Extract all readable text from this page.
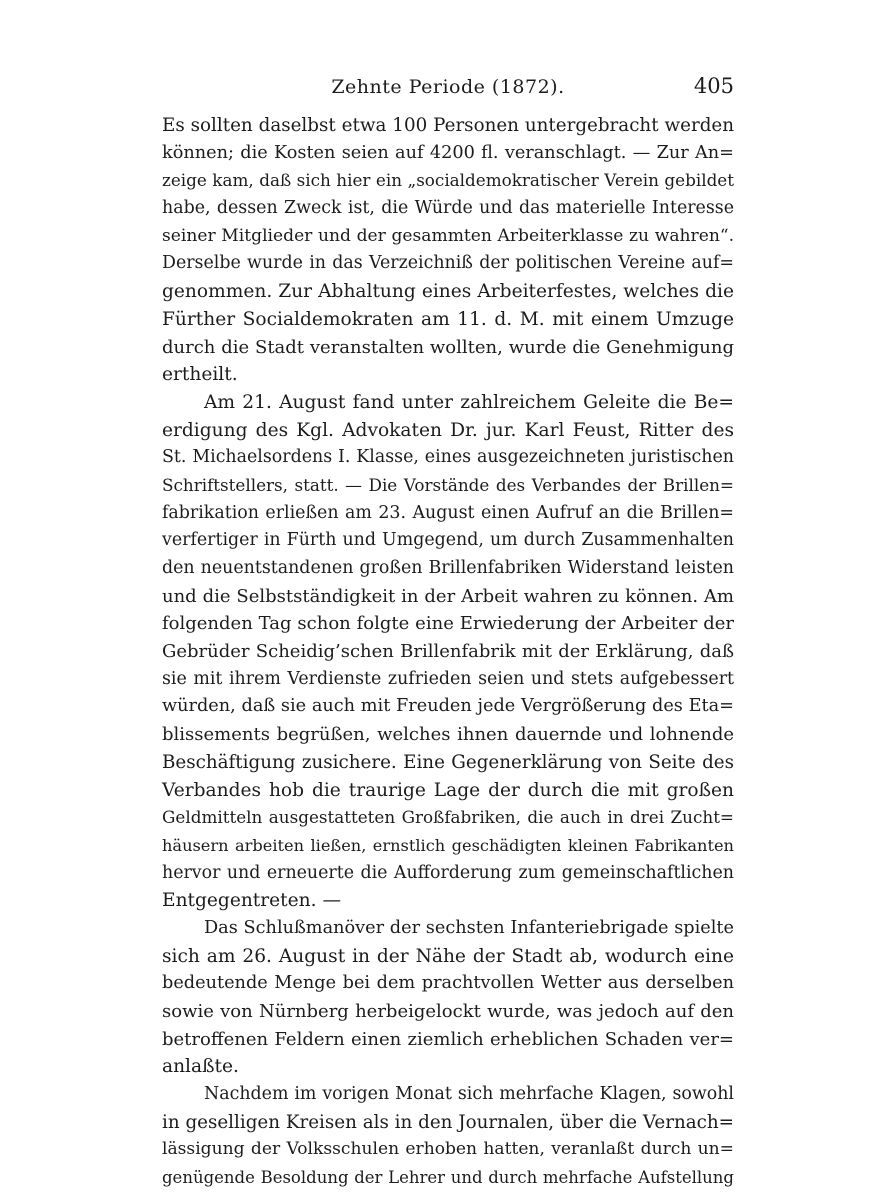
Zehnte Periode (1872).	405
Es sollten daselbst etwa 100 Personen untergebracht werden
können; die Kosten seien auf 4200 fl. veranschlagt. — Zur An=
zeige kam, daß sich hier ein „socialdemokratischer Verein gebildet
habe, dessen Zweck ist, die Würde und das materielle Interesse
seiner Mitglieder und der gesammten Arbeiterklasse zu wahren“.
Derselbe wurde in das Verzeichniß der politischen Vereine auf=
genommen. Zur Abhaltung eines Arbeiterfestes, welches die
Fürther Socialdemokraten am 11. d. M. mit einem Umzuge
durch die Stadt veranstalten wollten, wurde die Genehmigung
ertheilt.
Am 21. August fand unter zahlreichem Geleite die Be=
erdigung des Kgl. Advokaten Dr. jur. Karl Feust, Ritter des
St. Michaelsordens I. Klasse, eines ausgezeichneten juristischen
Schriftstellers, statt. — Die Vorstände des Verbandes der Brillen=
fabrikation erließen am 23. August einen Aufruf an die Brillen=
verfertiger in Fürth und Umgegend, um durch Zusammenhalten
den neuentstandenen großen Brillenfabriken Widerstand leisten
und die Selbstständigkeit in der Arbeit wahren zu können. Am
folgenden Tag schon folgte eine Erwiederung der Arbeiter der
Gebrüder Scheidig’schen Brillenfabrik mit der Erklärung, daß
sie mit ihrem Verdienste zufrieden seien und stets aufgebessert
würden, daß sie auch mit Freuden jede Vergrößerung des Eta=
blissements begrüßen, welches ihnen dauernde und lohnende
Beschäftigung zusichere. Eine Gegenerklärung von Seite des
Verbandes hob die traurige Lage der durch die mit großen
Geldmitteln ausgestatteten Großfabriken, die auch in drei Zucht=
häusern arbeiten ließen, ernstlich geschädigten kleinen Fabrikanten
hervor und erneuerte die Aufforderung zum gemeinschaftlichen
Entgegentreten. —
Das Schlußmanöver der sechsten Infanteriebrigade spielte
sich am 26. August in der Nähe der Stadt ab, wodurch eine
bedeutende Menge bei dem prachtvollen Wetter aus derselben
sowie von Nürnberg herbeigelockt wurde, was jedoch auf den
betroffenen Feldern einen ziemlich erheblichen Schaden ver=
anlaßte.
Nachdem im vorigen Monat sich mehrfache Klagen, sowohl
in geselligen Kreisen als in den Journalen, über die Vernach=
lässigung der Volksschulen erhoben hatten, veranlaßt durch un=
genügende Besoldung der Lehrer und durch mehrfache Aufstellung
